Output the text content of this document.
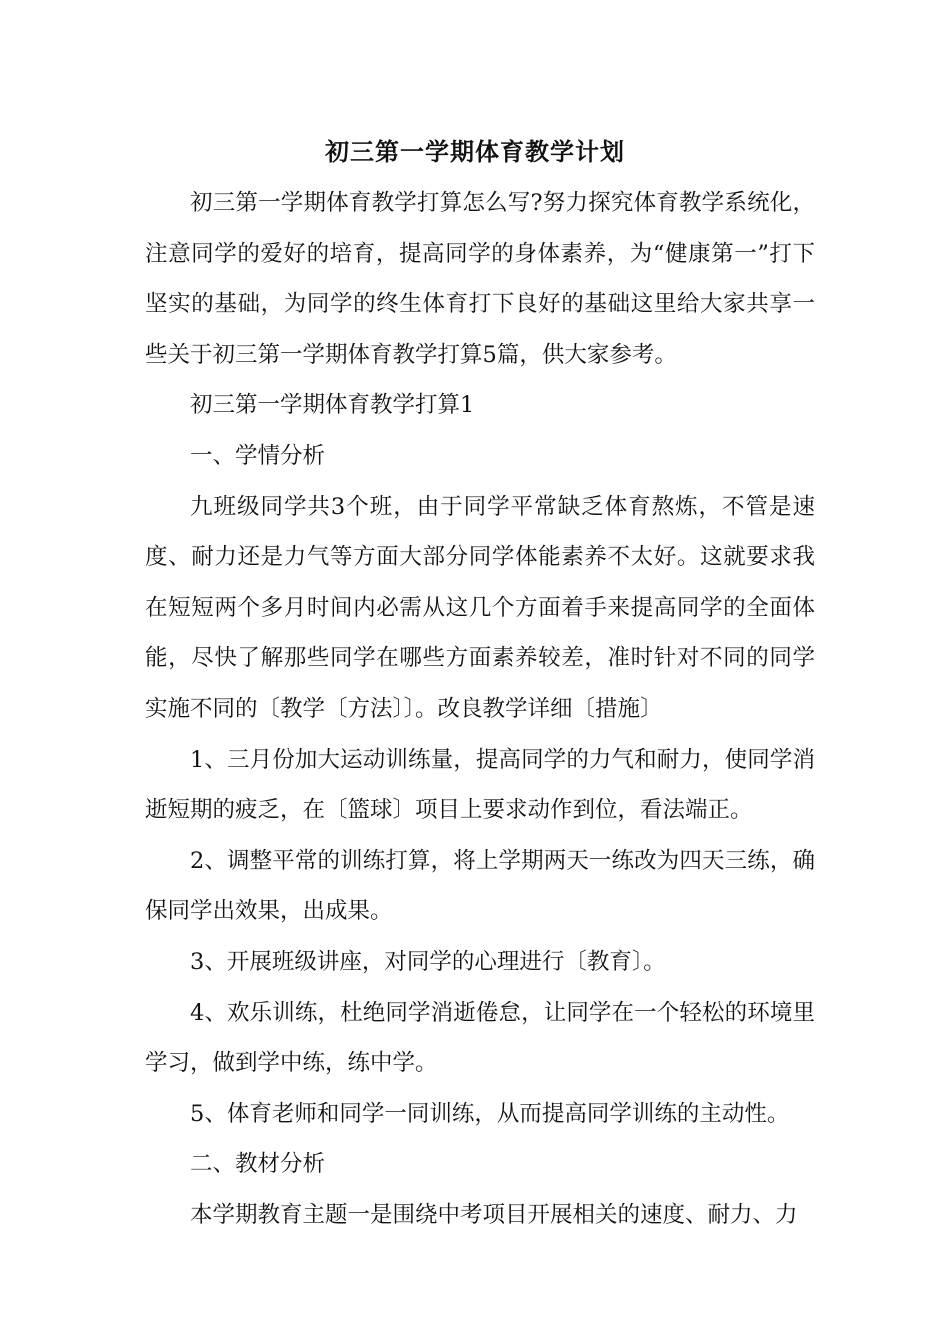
初三第一学期体育教学计划

初三第一学期体育教学打算怎么写?努力探究体育教学系统化，注意同学的爱好的培育，提高同学的身体素养，为“健康第一”打下坚实的基础，为同学的终生体育打下良好的基础这里给大家共享一些关于初三第一学期体育教学打算5篇，供大家参考。

初三第一学期体育教学打算1

一、学情分析

九班级同学共3个班，由于同学平常缺乏体育熬炼，不管是速度、耐力还是力气等方面大部分同学体能素养不太好。这就要求我在短短两个多月时间内必需从这几个方面着手来提高同学的全面体能，尽快了解那些同学在哪些方面素养较差，准时针对不同的同学实施不同的〔教学〔方法〕〕。改良教学详细〔措施〕

1、三月份加大运动训练量，提高同学的力气和耐力，使同学消逝短期的疲乏，在〔篮球〕项目上要求动作到位，看法端正。

2、调整平常的训练打算，将上学期两天一练改为四天三练，确保同学出效果，出成果。

3、开展班级讲座，对同学的心理进行〔教育〕。

4、欢乐训练，杜绝同学消逝倦怠，让同学在一个轻松的环境里学习，做到学中练，练中学。

5、体育老师和同学一同训练，从而提高同学训练的主动性。

二、教材分析

本学期教育主题一是围绕中考项目开展相关的速度、耐力、力
